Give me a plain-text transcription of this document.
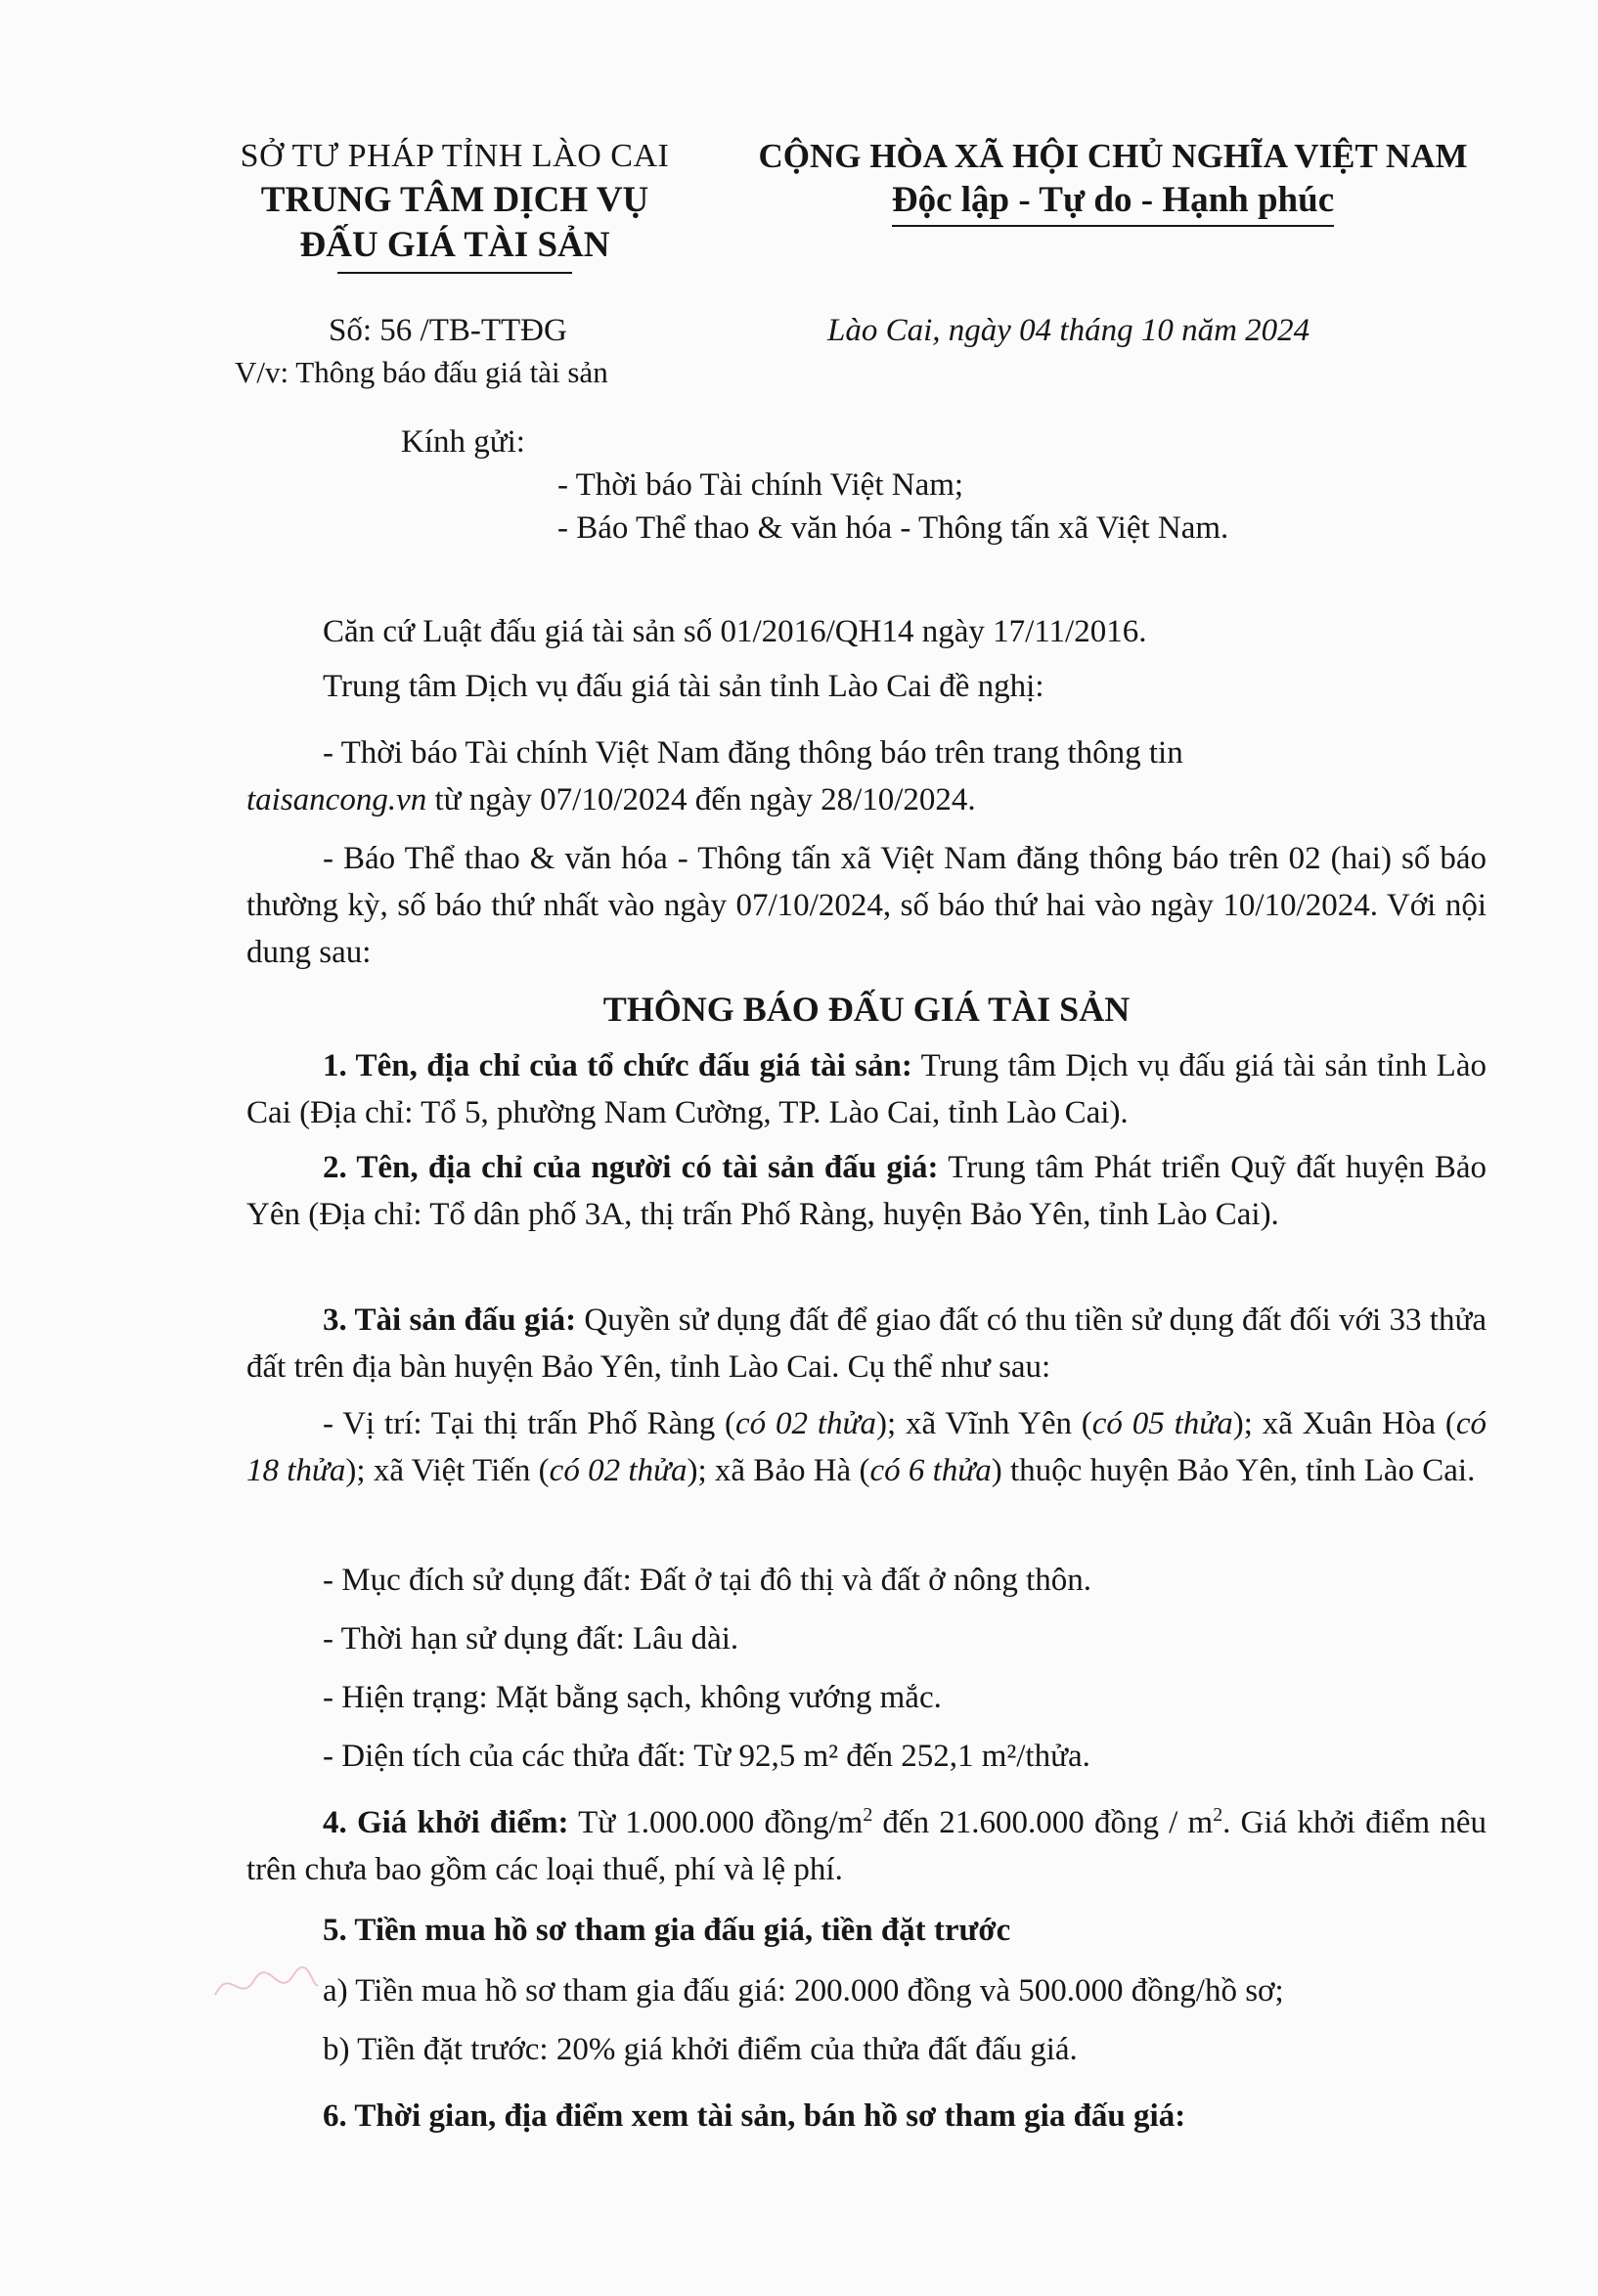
SỞ TƯ PHÁP TỈNH LÀO CAI
TRUNG TÂM DỊCH VỤ
ĐẤU GIÁ TÀI SẢN
CỘNG HÒA XÃ HỘI CHỦ NGHĨA VIỆT NAM
Độc lập - Tự do - Hạnh phúc
Số: 56 /TB-TTĐG
V/v: Thông báo đấu giá tài sản
Lào Cai, ngày 04 tháng 10 năm 2024
Kính gửi:
- Thời báo Tài chính Việt Nam;
- Báo Thể thao & văn hóa - Thông tấn xã Việt Nam.
Căn cứ Luật đấu giá tài sản số 01/2016/QH14 ngày 17/11/2016.
Trung tâm Dịch vụ đấu giá tài sản tỉnh Lào Cai đề nghị:
- Thời báo Tài chính Việt Nam đăng thông báo trên trang thông tin
taisancong.vn từ ngày 07/10/2024 đến ngày 28/10/2024.
- Báo Thể thao & văn hóa - Thông tấn xã Việt Nam đăng thông báo trên 02 (hai) số báo thường kỳ, số báo thứ nhất vào ngày 07/10/2024, số báo thứ hai vào ngày 10/10/2024. Với nội dung sau:
THÔNG BÁO ĐẤU GIÁ TÀI SẢN
1. Tên, địa chỉ của tổ chức đấu giá tài sản: Trung tâm Dịch vụ đấu giá tài sản tỉnh Lào Cai (Địa chỉ: Tổ 5, phường Nam Cường, TP. Lào Cai, tỉnh Lào Cai).
2. Tên, địa chỉ của người có tài sản đấu giá: Trung tâm Phát triển Quỹ đất huyện Bảo Yên (Địa chỉ: Tổ dân phố 3A, thị trấn Phố Ràng, huyện Bảo Yên, tỉnh Lào Cai).
3. Tài sản đấu giá: Quyền sử dụng đất để giao đất có thu tiền sử dụng đất đối với 33 thửa đất trên địa bàn huyện Bảo Yên, tỉnh Lào Cai. Cụ thể như sau:
- Vị trí: Tại thị trấn Phố Ràng (có 02 thửa); xã Vĩnh Yên (có 05 thửa); xã Xuân Hòa (có 18 thửa); xã Việt Tiến (có 02 thửa); xã Bảo Hà (có 6 thửa) thuộc huyện Bảo Yên, tỉnh Lào Cai.
- Mục đích sử dụng đất: Đất ở tại đô thị và đất ở nông thôn.
- Thời hạn sử dụng đất: Lâu dài.
- Hiện trạng: Mặt bằng sạch, không vướng mắc.
- Diện tích của các thửa đất: Từ 92,5 m² đến 252,1 m²/thửa.
4. Giá khởi điểm: Từ 1.000.000 đồng/$m^2$ đến 21.600.000 đồng / $m^2$. Giá khởi điểm nêu trên chưa bao gồm các loại thuế, phí và lệ phí.
5. Tiền mua hồ sơ tham gia đấu giá, tiền đặt trước
a) Tiền mua hồ sơ tham gia đấu giá: 200.000 đồng và 500.000 đồng/hồ sơ;
b) Tiền đặt trước: 20% giá khởi điểm của thửa đất đấu giá.
6. Thời gian, địa điểm xem tài sản, bán hồ sơ tham gia đấu giá:
